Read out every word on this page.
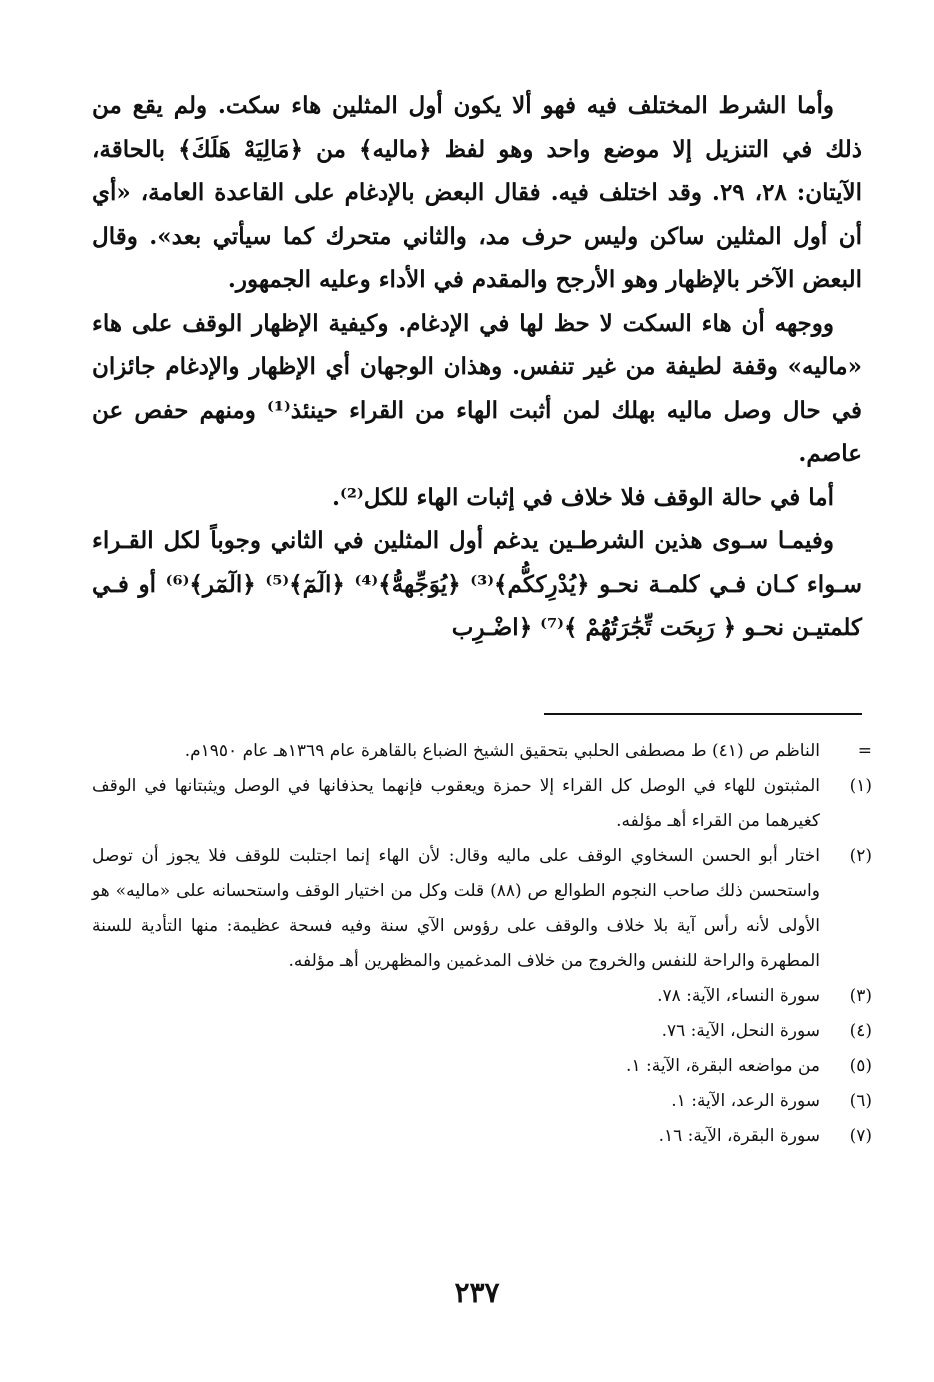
وأما الشرط المختلف فيه فهو ألا يكون أول المثلين هاء سكت. ولم يقع من ذلك في التنزيل إلا موضع واحد وهو لفظ ﴿ماليه﴾ من ﴿مَالِيَهْ هَلَكَ﴾ بالحاقة، الآيتان: ٢٨، ٢٩. وقد اختلف فيه. فقال البعض بالإدغام على القاعدة العامة، «أي أن أول المثلين ساكن وليس حرف مد، والثاني متحرك كما سيأتي بعد». وقال البعض الآخر بالإظهار وهو الأرجح والمقدم في الأداء وعليه الجمهور.

ووجهه أن هاء السكت لا حظ لها في الإدغام. وكيفية الإظهار الوقف على هاء «ماليه» وقفة لطيفة من غير تنفس. وهذان الوجهان أي الإظهار والإدغام جائزان في حال وصل ماليه بهلك لمن أثبت الهاء من القراء حينئذ⁽¹⁾ ومنهم حفص عن عاصم.

أما في حالة الوقف فلا خلاف في إثبات الهاء للكل⁽²⁾.

وفيمـا سـوى هذين الشرطـين يدغم أول المثلين في الثاني وجوباً لكل القـراء سـواء كـان فـي كلمـة نحـو ﴿يُدْرِككُّم﴾⁽³⁾ ﴿يُوَجِّههُّ﴾⁽⁴⁾ ﴿الٓمٓ﴾⁽⁵⁾ ﴿الٓمٓر﴾⁽⁶⁾ أو فـي كلمتيـن نحـو ﴿ رَبِحَت تِّجَٰرَتُهُمْ ﴾⁽⁷⁾ ﴿اضْـرِب

=
الناظم ص (٤١) ط مصطفى الحلبي بتحقيق الشيخ الضباع بالقاهرة عام ١٣٦٩هـ عام ١٩٥٠م.
(١)
المثبتون للهاء في الوصل كل القراء إلا حمزة ويعقوب فإنهما يحذفانها في الوصل ويثبتانها في الوقف كغيرهما من القراء أهـ مؤلفه.
(٢)
اختار أبو الحسن السخاوي الوقف على ماليه وقال: لأن الهاء إنما اجتلبت للوقف فلا يجوز أن توصل واستحسن ذلك صاحب النجوم الطوالع ص (٨٨) قلت وكل من اختيار الوقف واستحسانه على «ماليه» هو الأولى لأنه رأس آية بلا خلاف والوقف على رؤوس الآي سنة وفيه فسحة عظيمة: منها التأدية للسنة المطهرة والراحة للنفس والخروج من خلاف المدغمين والمظهرين أهـ مؤلفه.
(٣)
سورة النساء، الآية: ٧٨.
(٤)
سورة النحل، الآية: ٧٦.
(٥)
من مواضعه البقرة، الآية: ١.
(٦)
سورة الرعد، الآية: ١.
(٧)
سورة البقرة، الآية: ١٦.
٢٣٧
